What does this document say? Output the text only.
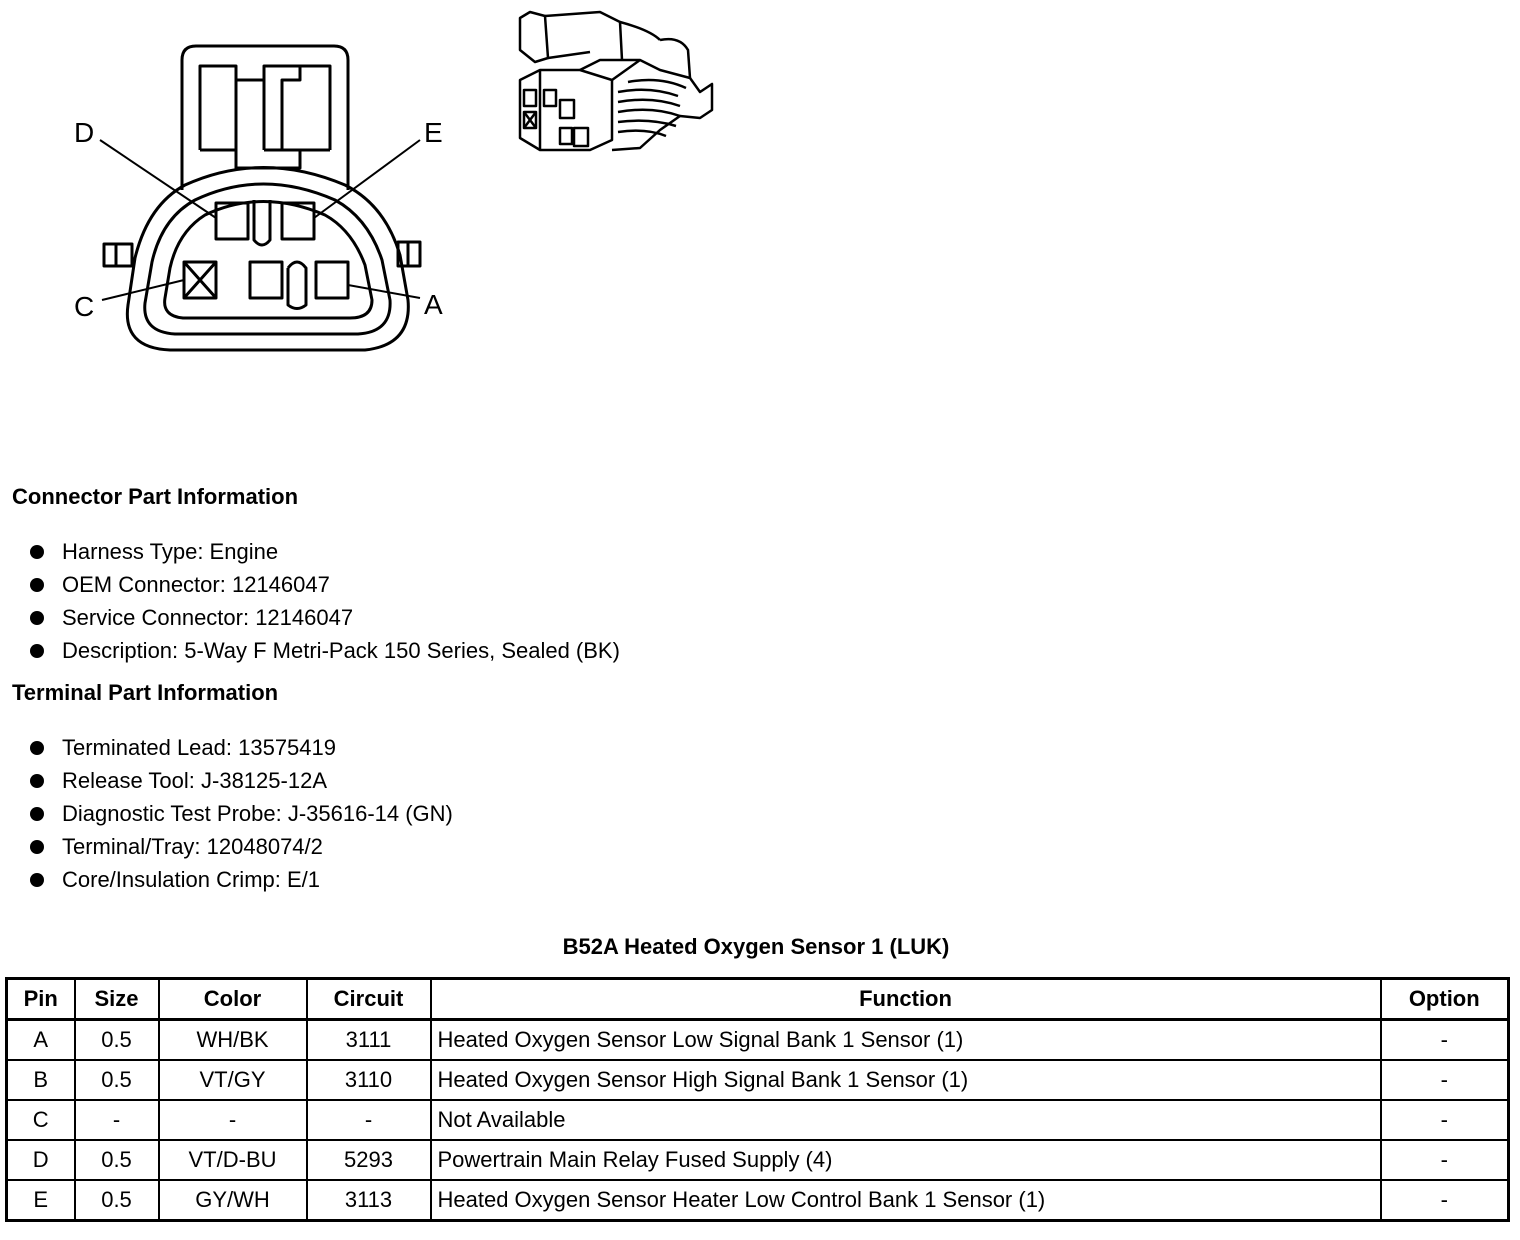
D	E
C	A
Connector Part Information
Harness Type: Engine
OEM Connector: 12146047
Service Connector: 12146047
Description: 5-Way F Metri-Pack 150 Series, Sealed (BK)
Terminal Part Information
Terminated Lead: 13575419
Release Tool: J-38125-12A
Diagnostic Test Probe: J-35616-14 (GN)
Terminal/Tray: 12048074/2
Core/Insulation Crimp: E/1
B52A Heated Oxygen Sensor 1 (LUK)
Pin	Size	Color	Circuit	Function	Option
A	0.5	WH/BK	3111	Heated Oxygen Sensor Low Signal Bank 1 Sensor (1)	-
B	0.5	VT/GY	3110	Heated Oxygen Sensor High Signal Bank 1 Sensor (1)	-
C	-	-	-	Not Available	-
D	0.5	VT/D-BU	5293	Powertrain Main Relay Fused Supply (4)	-
E	0.5	GY/WH	3113	Heated Oxygen Sensor Heater Low Control Bank 1 Sensor (1)	-
